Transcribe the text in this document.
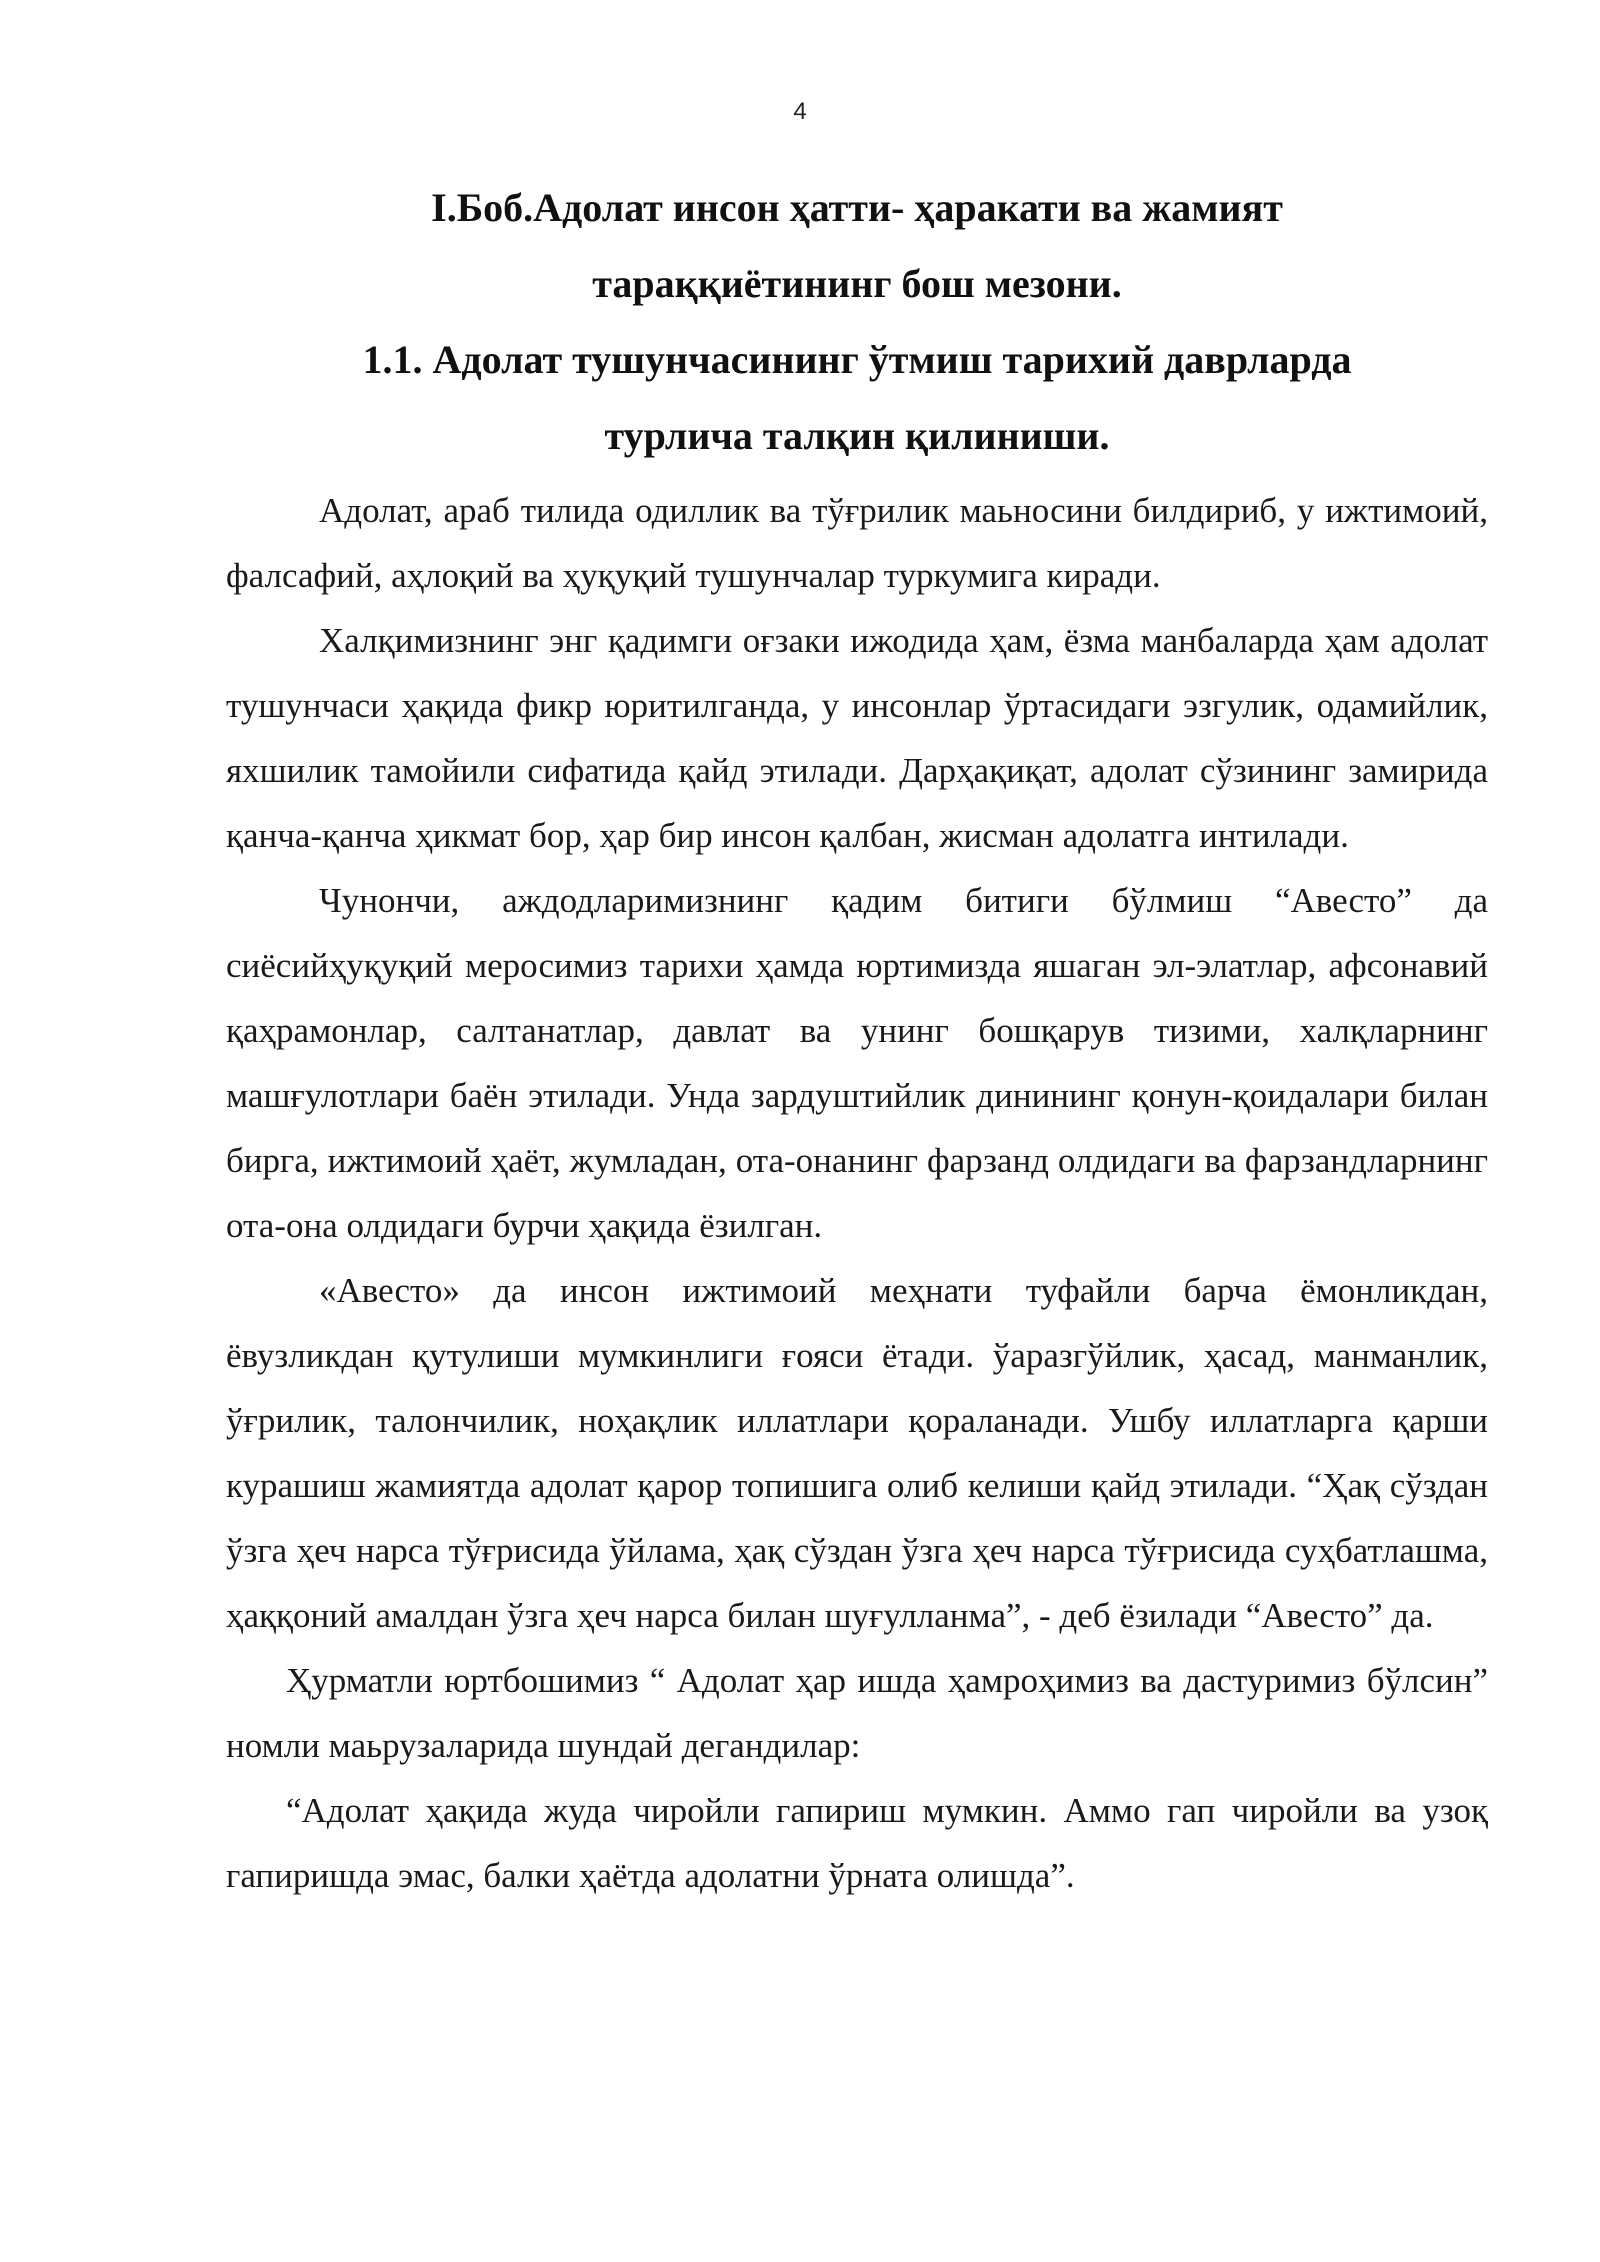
4

I.Боб.Адолат инсон ҳатти- ҳаракати ва жамият

тараққиётининг бош мезони.

1.1. Адолат тушунчасининг ўтмиш тарихий даврларда

турлича талқин қилиниши.

Адолат, араб тилида одиллик ва тўғрилик маьносини билдириб, у ижтимоий, фалсафий, аҳлоқий ва ҳуқуқий тушунчалар туркумига киради.

Халқимизнинг энг қадимги оғзаки ижодида ҳам, ёзма манбаларда ҳам адолат тушунчаси ҳақида фикр юритилганда, у инсонлар ўртасидаги эзгулик, одамийлик, яхшилик тамойили сифатида қайд этилади. Дарҳақиқат, адолат сўзининг замирида қанча-қанча ҳикмат бор, ҳар бир инсон қалбан, жисман адолатга интилади.

Чунончи, аждодларимизнинг қадим битиги бўлмиш “Авесто” да сиёсийҳуқуқий меросимиз тарихи ҳамда юртимизда яшаган эл-элатлар, афсонавий қаҳрамонлар, салтанатлар, давлат ва унинг бошқарув тизими, халқларнинг машғулотлари баён этилади. Унда зардуштийлик динининг қонун-қоидалари билан бирга, ижтимоий ҳаёт, жумладан, ота-онанинг фарзанд олдидаги ва фарзандларнинг ота-она олдидаги бурчи ҳақида ёзилган.

«Авесто» да инсон ижтимоий меҳнати туфайли барча ёмонликдан, ёвузликдан қутулиши мумкинлиги ғояси ётади. ўаразгўйлик, ҳасад, манманлик, ўғрилик, талончилик, ноҳақлик иллатлари қораланади. Ушбу иллатларга қарши курашиш жамиятда адолат қарор топишига олиб келиши қайд этилади. “Ҳақ сўздан ўзга ҳеч нарса тўғрисида ўйлама, ҳақ сўздан ўзга ҳеч нарса тўғрисида суҳбатлашма, ҳаққоний амалдан ўзга ҳеч нарса билан шуғулланма”, - деб ёзилади “Авесто” да.

Ҳурматли юртбошимиз “ Адолат ҳар ишда ҳамроҳимиз ва дастуримиз бўлсин” номли маьрузаларида шундай дегандилар:

“Адолат ҳақида жуда чиройли гапириш мумкин. Аммо гап чиройли ва узоқ гапиришда эмас, балки ҳаётда адолатни ўрната олишда”.
